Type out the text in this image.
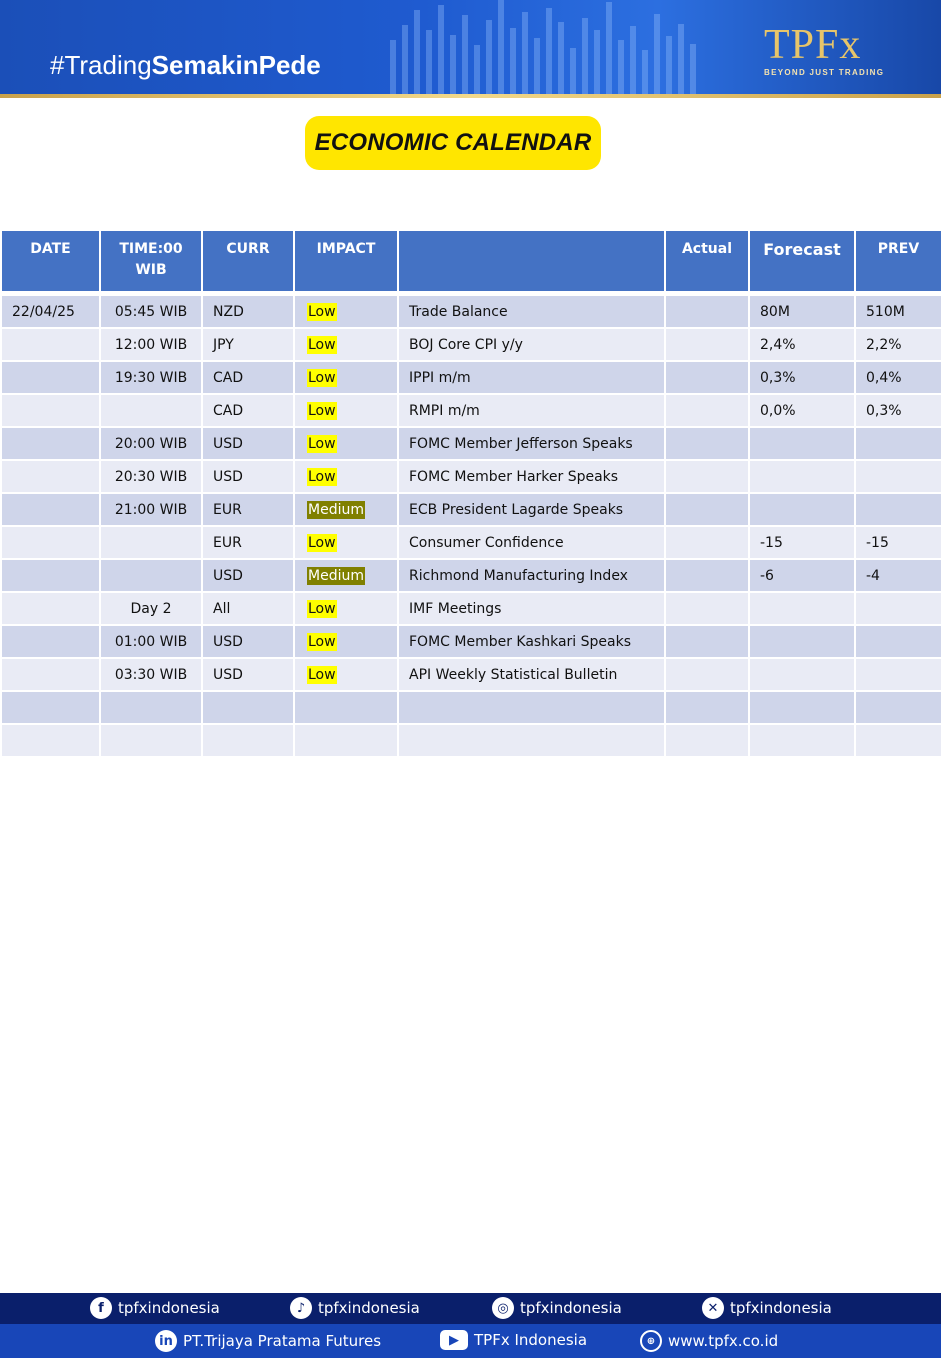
#TradingSemakinPede	TPFx
BEYOND JUST TRADING
ECONOMIC CALENDAR
DATE	TIME:00 WIB	CURR	IMPACT		Actual	Forecast	PREV
22/04/25	05:45 WIB	NZD	Low	Trade Balance		80M	510M
	12:00 WIB	JPY	Low	BOJ Core CPI y/y		2,4%	2,2%
	19:30 WIB	CAD	Low	IPPI m/m		0,3%	0,4%
		CAD	Low	RMPI m/m		0,0%	0,3%
	20:00 WIB	USD	Low	FOMC Member Jefferson Speaks			
	20:30 WIB	USD	Low	FOMC Member Harker Speaks			
	21:00 WIB	EUR	Medium	ECB President Lagarde Speaks			
		EUR	Low	Consumer Confidence		-15	-15
		USD	Medium	Richmond Manufacturing Index		-6	-4
	Day 2	All	Low	IMF Meetings			
	01:00 WIB	USD	Low	FOMC Member Kashkari Speaks			
	03:30 WIB	USD	Low	API Weekly Statistical Bulletin			

f tpfxindonesia	♪ tpfxindonesia	◎ tpfxindonesia	✕ tpfxindonesia
in PT.Trijaya Pratama Futures	▶	TPFx Indonesia	⊕ www.tpfx.co.id
